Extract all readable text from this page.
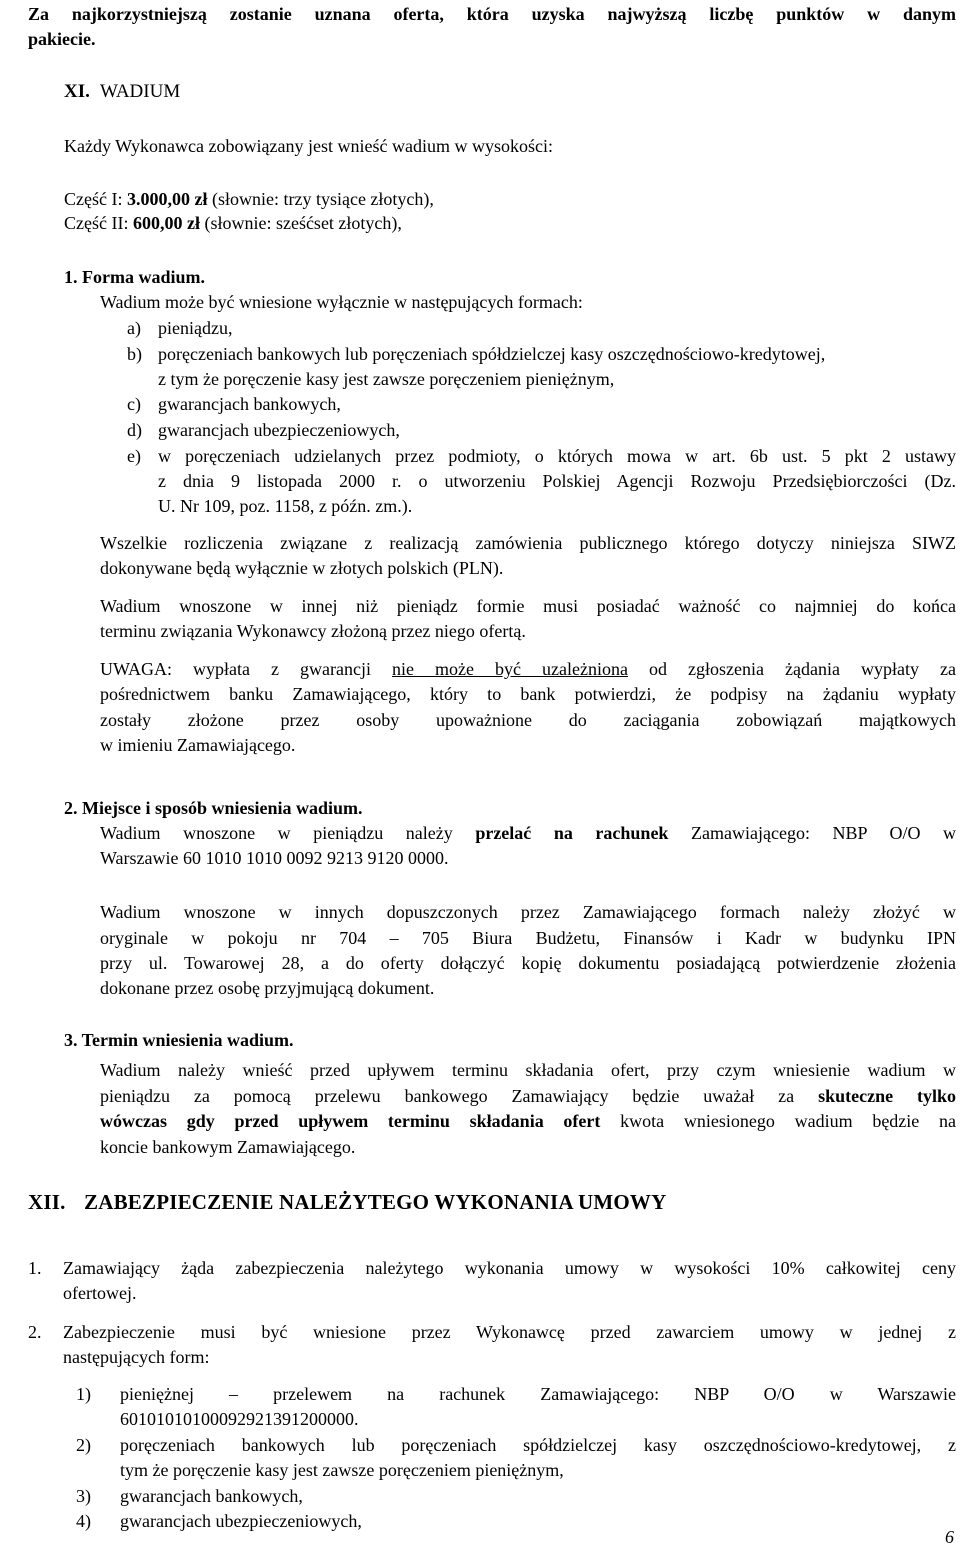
Za najkorzystniejszą zostanie uznana oferta, która uzyska najwyższą liczbę punktów w danym
pakiecie.
XI. WADIUM
Każdy Wykonawca zobowiązany jest wnieść wadium w wysokości:
Część I: 3.000,00 zł (słownie: trzy tysiące złotych),
Część II: 600,00 zł (słownie: sześćset złotych),
1. Forma wadium.
Wadium może być wniesione wyłącznie w następujących formach:
a) pieniądzu,
b) poręczeniach bankowych lub poręczeniach spółdzielczej kasy oszczędnościowo-kredytowej,
z tym że poręczenie kasy jest zawsze poręczeniem pieniężnym,
c) gwarancjach bankowych,
d) gwarancjach ubezpieczeniowych,
e) w poręczeniach udzielanych przez podmioty, o których mowa w art. 6b ust. 5 pkt 2 ustawy
z dnia 9 listopada 2000 r. o utworzeniu Polskiej Agencji Rozwoju Przedsiębiorczości (Dz.
U. Nr 109, poz. 1158, z późn. zm.).
Wszelkie rozliczenia związane z realizacją zamówienia publicznego którego dotyczy niniejsza SIWZ
dokonywane będą wyłącznie w złotych polskich (PLN).
Wadium wnoszone w innej niż pieniądz formie musi posiadać ważność co najmniej do końca
terminu związania Wykonawcy złożoną przez niego ofertą.
UWAGA: wypłata z gwarancji nie może być uzależniona od zgłoszenia żądania wypłaty za
pośrednictwem banku Zamawiającego, który to bank potwierdzi, że podpisy na żądaniu wypłaty
zostały złożone przez osoby upoważnione do zaciągania zobowiązań majątkowych
w imieniu Zamawiającego.
2. Miejsce i sposób wniesienia wadium.
Wadium wnoszone w pieniądzu należy przelać na rachunek Zamawiającego: NBP O/O w
Warszawie 60 1010 1010 0092 9213 9120 0000.
Wadium wnoszone w innych dopuszczonych przez Zamawiającego formach należy złożyć w
oryginale w pokoju nr 704 – 705 Biura Budżetu, Finansów i Kadr w budynku IPN
przy ul. Towarowej 28, a do oferty dołączyć kopię dokumentu posiadającą potwierdzenie złożenia
dokonane przez osobę przyjmującą dokument.
3. Termin wniesienia wadium.
Wadium należy wnieść przed upływem terminu składania ofert, przy czym wniesienie wadium w
pieniądzu za pomocą przelewu bankowego Zamawiający będzie uważał za skuteczne tylko
wówczas gdy przed upływem terminu składania ofert kwota wniesionego wadium będzie na
koncie bankowym Zamawiającego.
XII. ZABEZPIECZENIE NALEŻYTEGO WYKONANIA UMOWY
1. Zamawiający żąda zabezpieczenia należytego wykonania umowy w wysokości 10% całkowitej ceny
ofertowej.
2. Zabezpieczenie musi być wniesione przez Wykonawcę przed zawarciem umowy w jednej z
następujących form:
1) pieniężnej – przelewem na rachunek Zamawiającego: NBP O/O w Warszawie
60101010100092921391200000.
2) poręczeniach bankowych lub poręczeniach spółdzielczej kasy oszczędnościowo-kredytowej, z
tym że poręczenie kasy jest zawsze poręczeniem pieniężnym,
3) gwarancjach bankowych,
4) gwarancjach ubezpieczeniowych,
6
